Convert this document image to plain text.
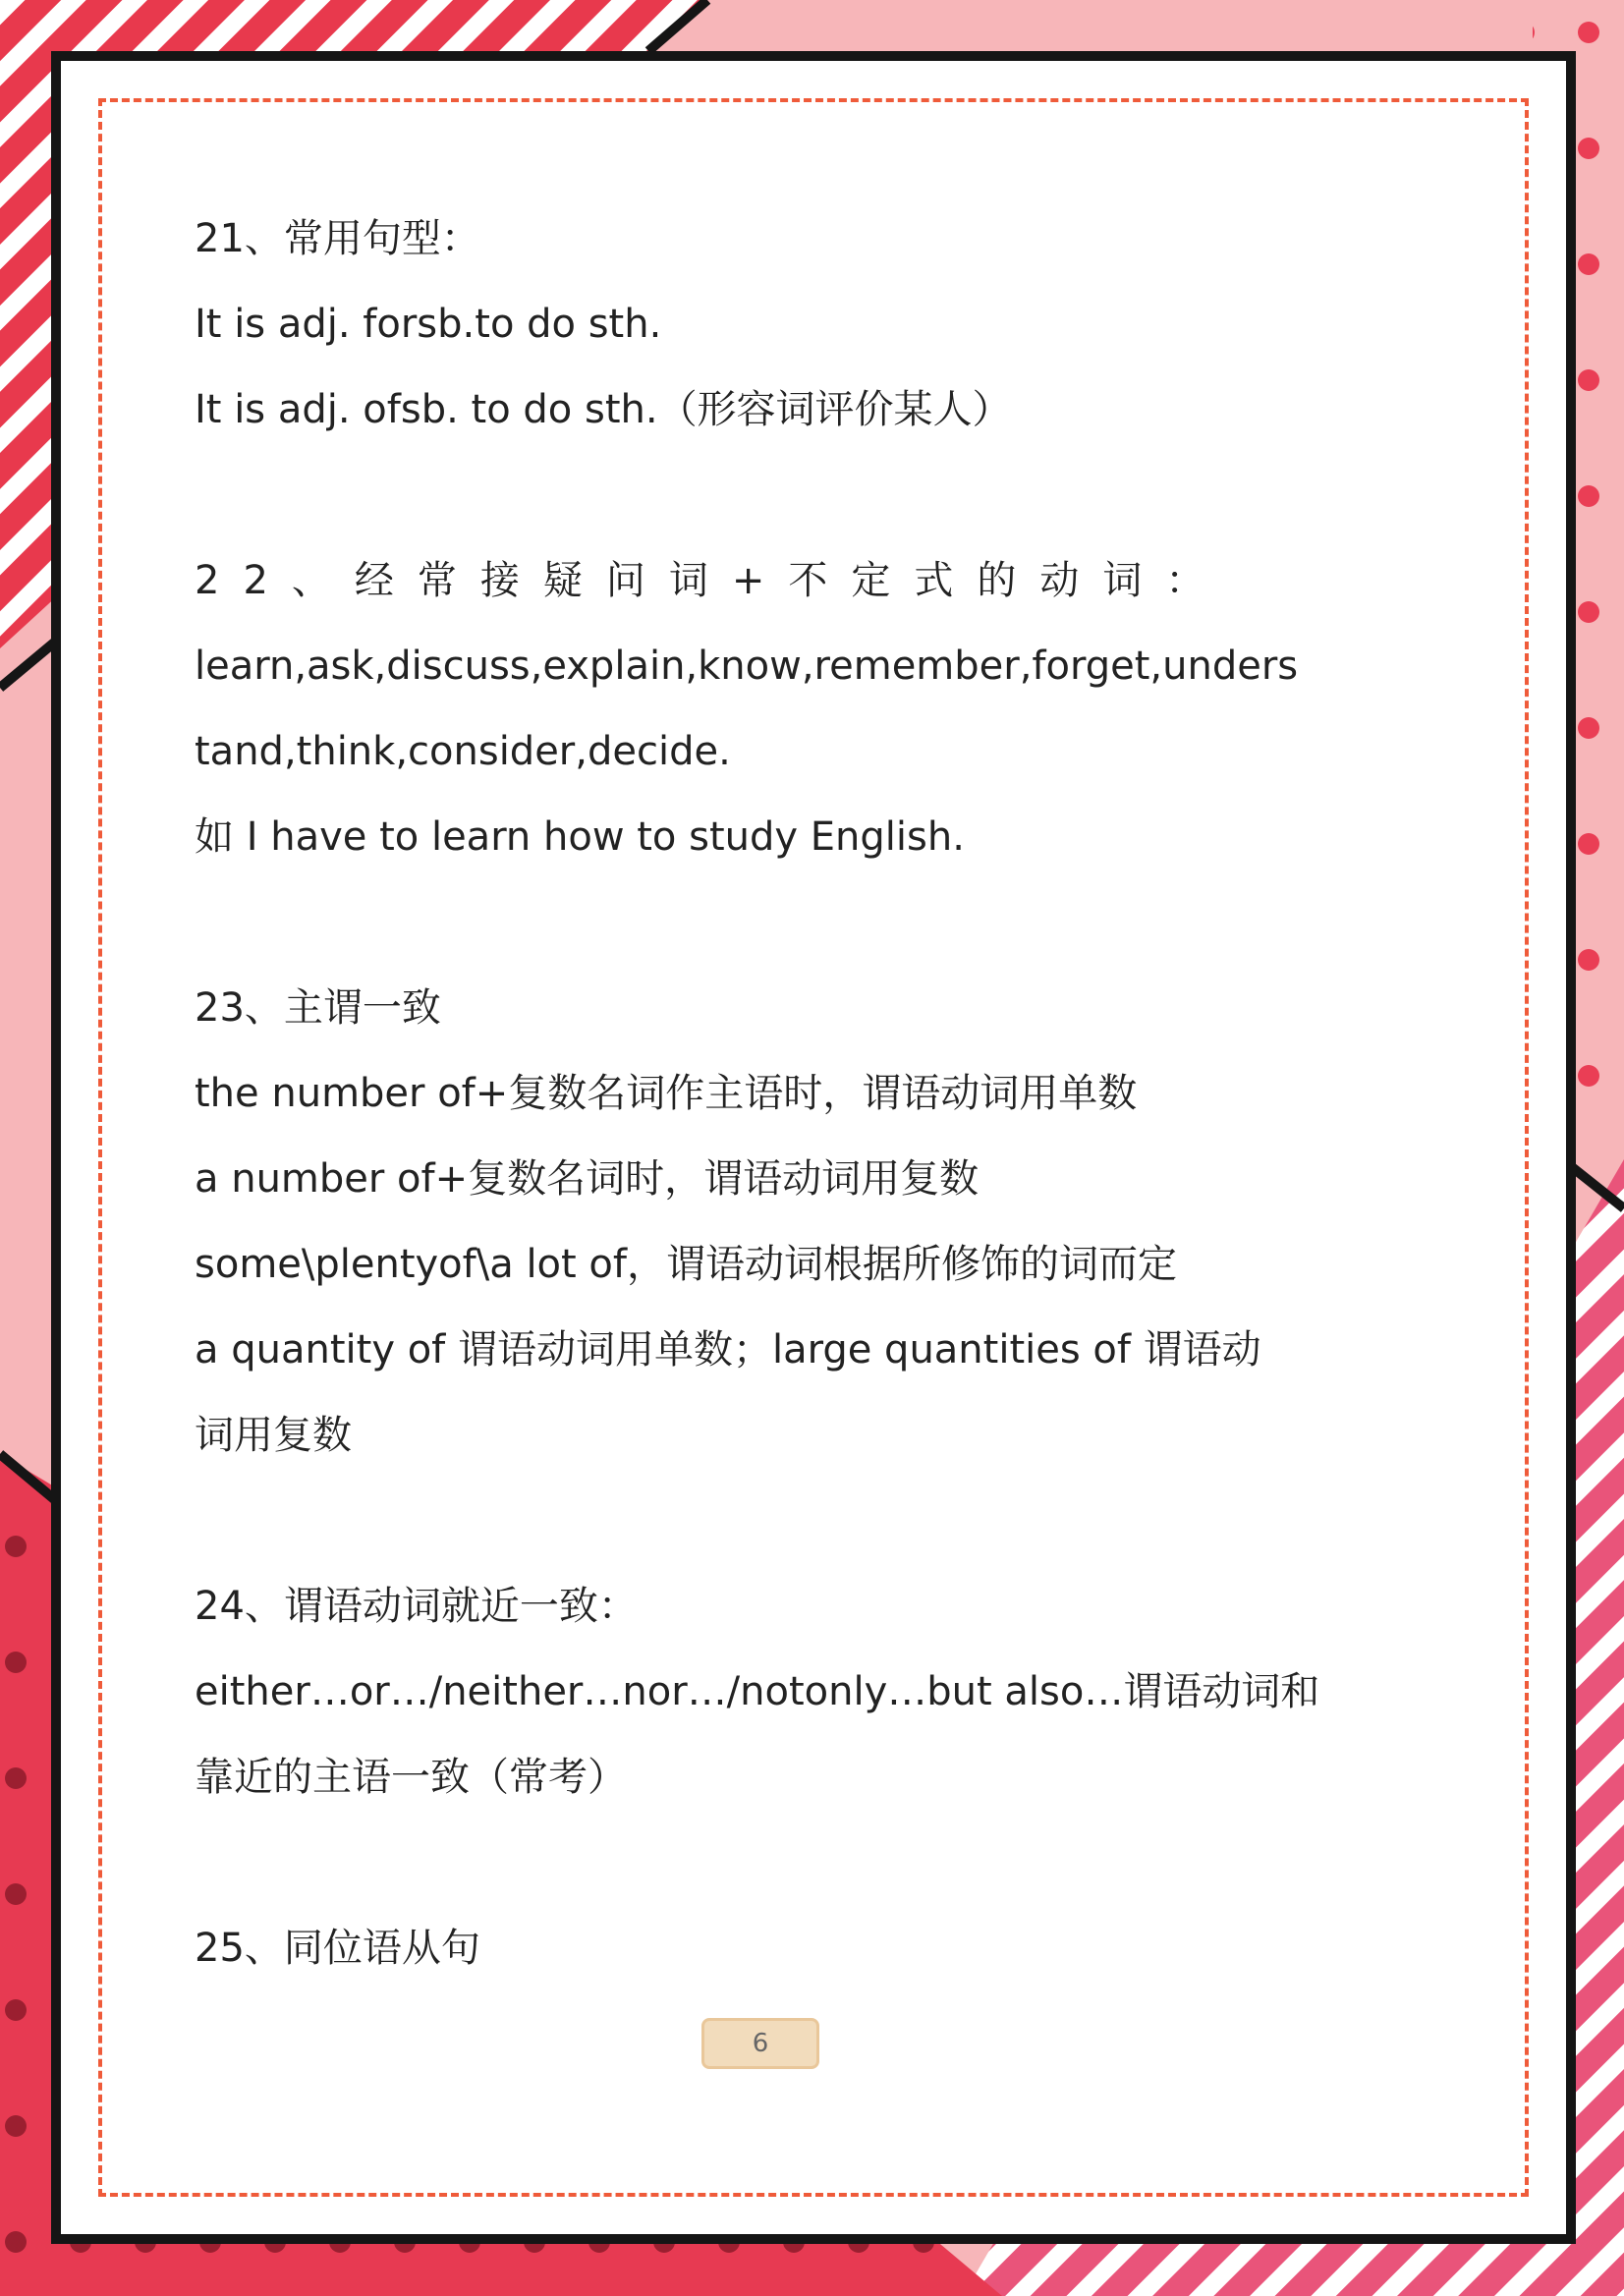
21、常用句型：

It is adj. forsb.to do sth.

It is adj. ofsb. to do sth.（形容词评价某人）

22、经常接疑问词+不定式的动词：

learn,ask,discuss,explain,know,remember,forget,unders

tand,think,consider,decide.

如 I have to learn how to study English.

23、主谓一致

the number of+复数名词作主语时，谓语动词用单数

a number of+复数名词时，谓语动词用复数

some\plentyof\a lot of，谓语动词根据所修饰的词而定

a quantity of 谓语动词用单数；large quantities of 谓语动

词用复数

24、谓语动词就近一致：

either…or…/neither…nor…/notonly…but also…谓语动词和

靠近的主语一致（常考）

25、同位语从句

6
